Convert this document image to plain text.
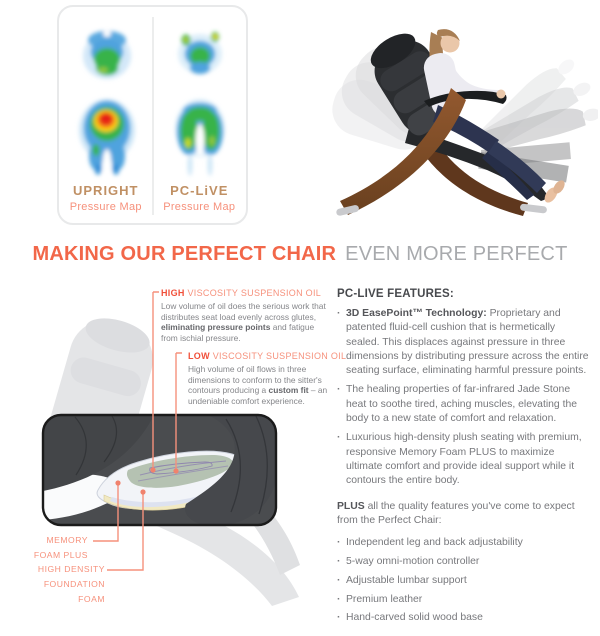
UPRIGHT
Pressure Map
PC-LiVE
Pressure Map
MAKING OUR PERFECT CHAIR EVEN MORE PERFECT
HIGH VISCOSITY SUSPENSION OIL
Low volume of oil does the serious work that distributes seat load evenly across glutes, eliminating pressure points and fatigue from ischial pressure.
LOW VISCOSITY SUSPENSION OIL
High volume of oil flows in three dimensions to conform to the sitter's contours producing a custom fit – an undeniable comfort experience.
MEMORY
FOAM PLUS
HIGH DENSITY
FOUNDATION FOAM
PC-LIVE FEATURES:
· 3D EasePoint™ Technology: Proprietary and patented fluid-cell cushion that is hermetically sealed. This displaces against pressure in three dimensions by distributing pressure across the entire seating surface, eliminating harmful pressure points.
· The healing properties of far-infrared Jade Stone heat to soothe tired, aching muscles, elevating the body to a new state of comfort and relaxation.
· Luxurious high-density plush seating with premium, responsive Memory Foam PLUS to maximize ultimate comfort and provide ideal support while it contours the entire body.

PLUS all the quality features you've come to expect from the Perfect Chair:

· Independent leg and back adjustability
· 5-way omni-motion controller
· Adjustable lumbar support
· Premium leather
· Hand-carved solid wood base
